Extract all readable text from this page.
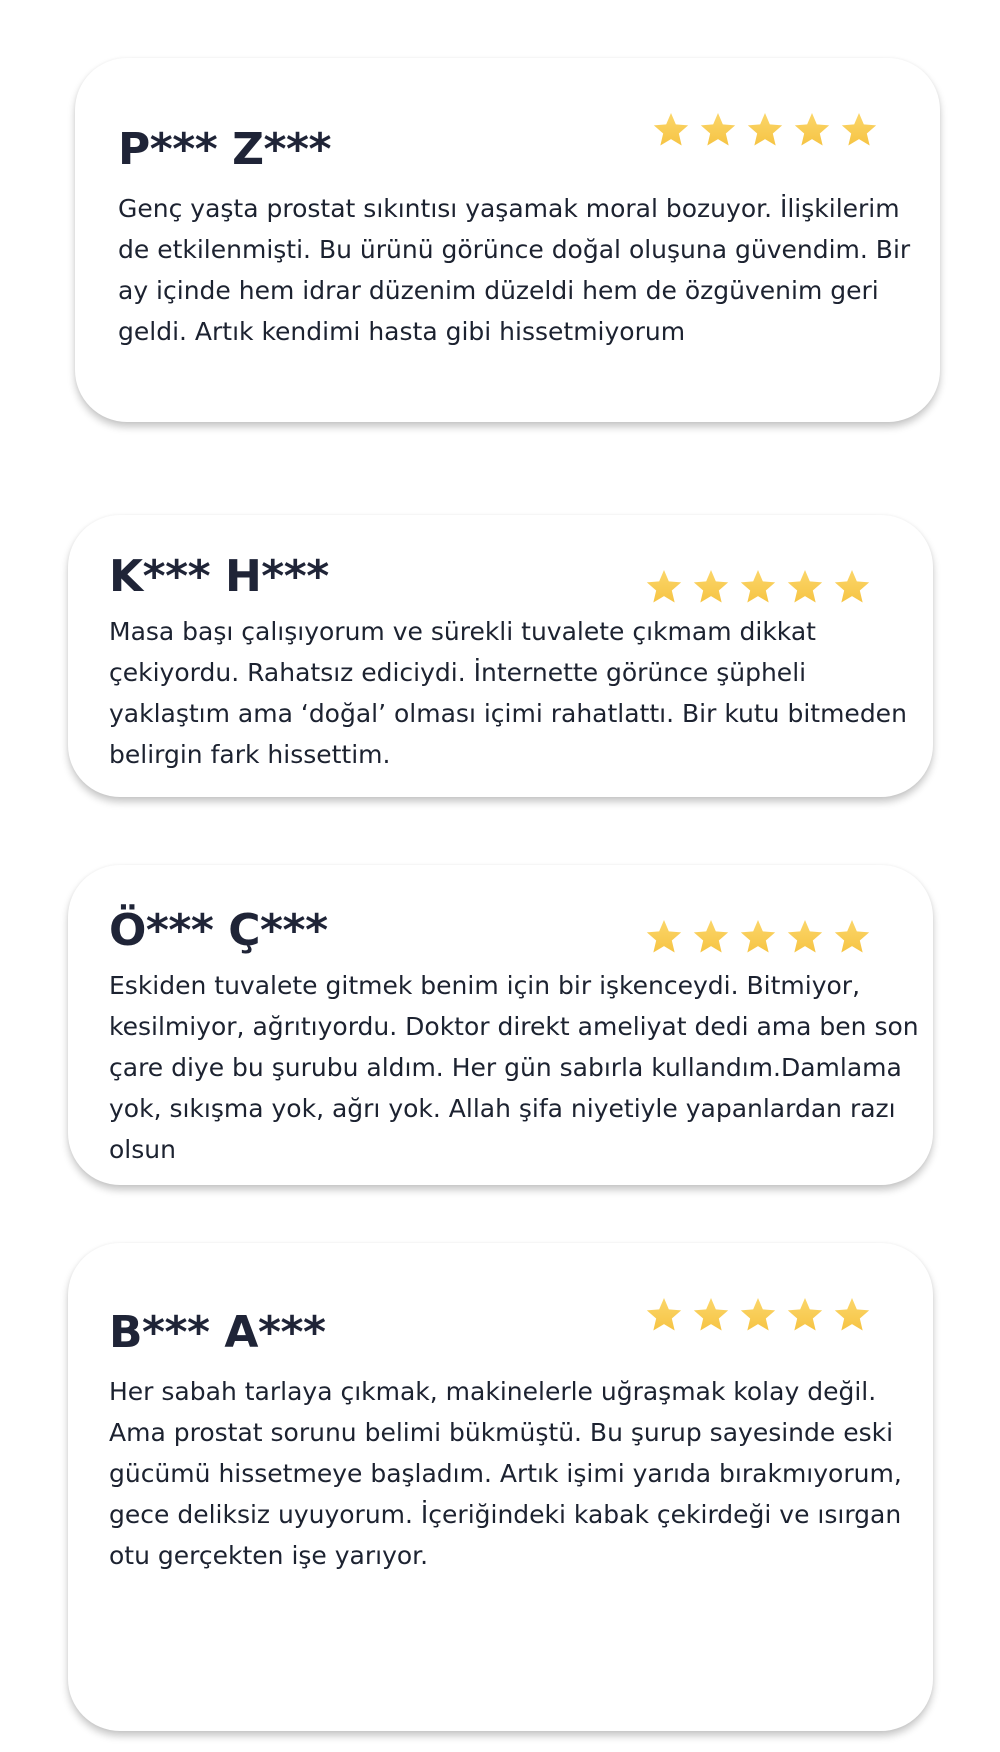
P*** Z***

Genç yaşta prostat sıkıntısı yaşamak moral bozuyor. İlişkilerim de etkilenmişti. Bu ürünü görünce doğal oluşuna güvendim. Bir ay içinde hem idrar düzenim düzeldi hem de özgüvenim geri geldi. Artık kendimi hasta gibi hissetmiyorum

K*** H***

Masa başı çalışıyorum ve sürekli tuvalete çıkmam dikkat çekiyordu. Rahatsız ediciydi. İnternette görünce şüpheli yaklaştım ama ‘doğal’ olması içimi rahatlattı. Bir kutu bitmeden belirgin fark hissettim.

Ö*** Ç***

Eskiden tuvalete gitmek benim için bir işkenceydi. Bitmiyor, kesilmiyor, ağrıtıyordu. Doktor direkt ameliyat dedi ama ben son çare diye bu şurubu aldım. Her gün sabırla kullandım.Damlama yok, sıkışma yok, ağrı yok. Allah şifa niyetiyle yapanlardan razı olsun

B*** A***

Her sabah tarlaya çıkmak, makinelerle uğraşmak kolay değil. Ama prostat sorunu belimi bükmüştü. Bu şurup sayesinde eski gücümü hissetmeye başladım. Artık işimi yarıda bırakmıyorum, gece deliksiz uyuyorum. İçeriğindeki kabak çekirdeği ve ısırgan otu gerçekten işe yarıyor.
